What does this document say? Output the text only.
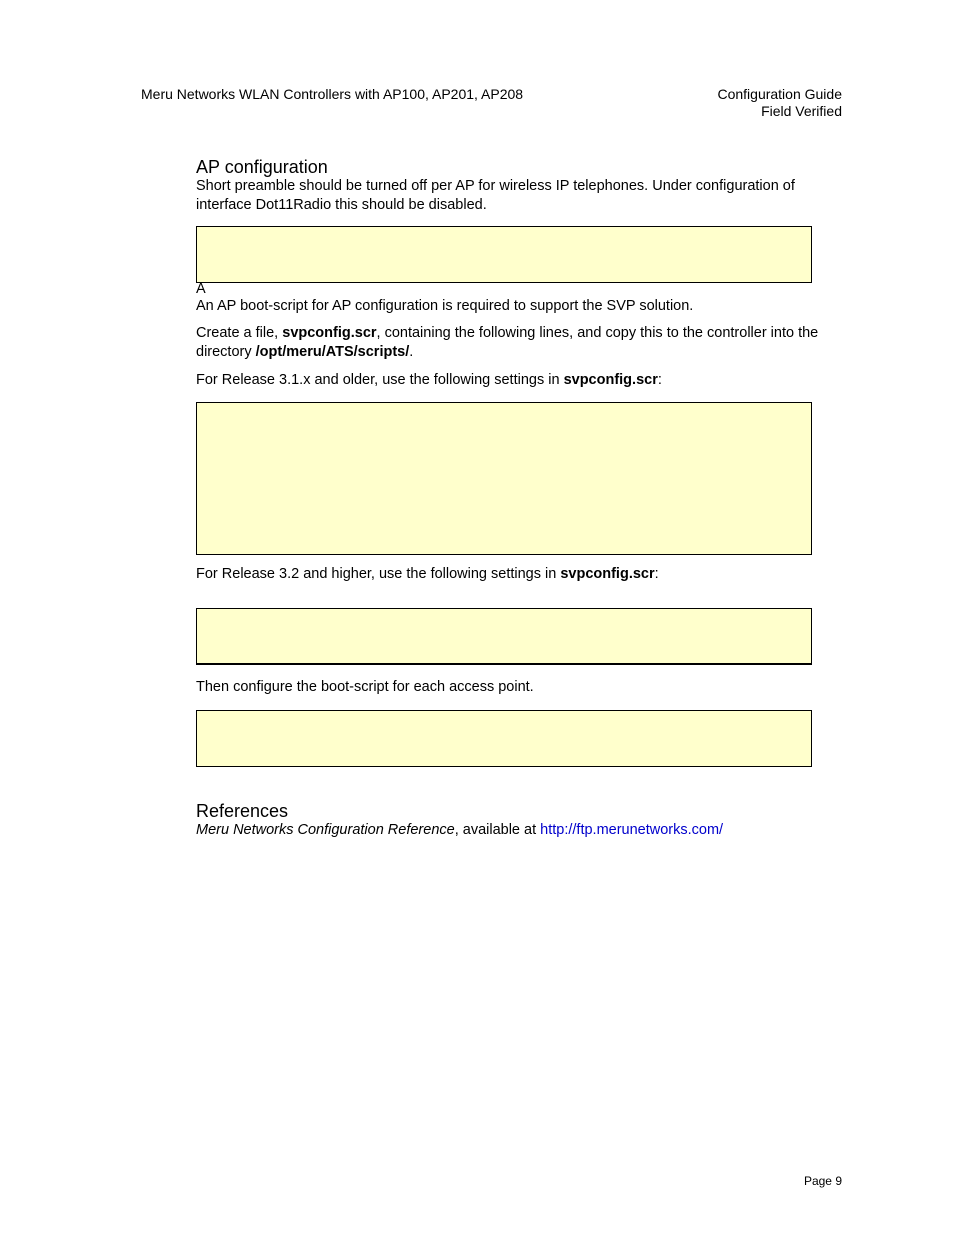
Meru Networks WLAN Controllers with AP100, AP201, AP208	Configuration Guide
Field Verified
AP configuration
Short preamble should be turned off per AP for wireless IP telephones. Under configuration of interface Dot11Radio this should be disabled.
A
An AP boot-script for AP configuration is required to support the SVP solution.
Create a file, svpconfig.scr, containing the following lines, and copy this to the controller into the directory /opt/meru/ATS/scripts/.
For Release 3.1.x and older, use the following settings in svpconfig.scr:
For Release 3.2 and higher, use the following settings in svpconfig.scr:
Then configure the boot-script for each access point.
References
Meru Networks Configuration Reference, available at http://ftp.merunetworks.com/
Page 9
